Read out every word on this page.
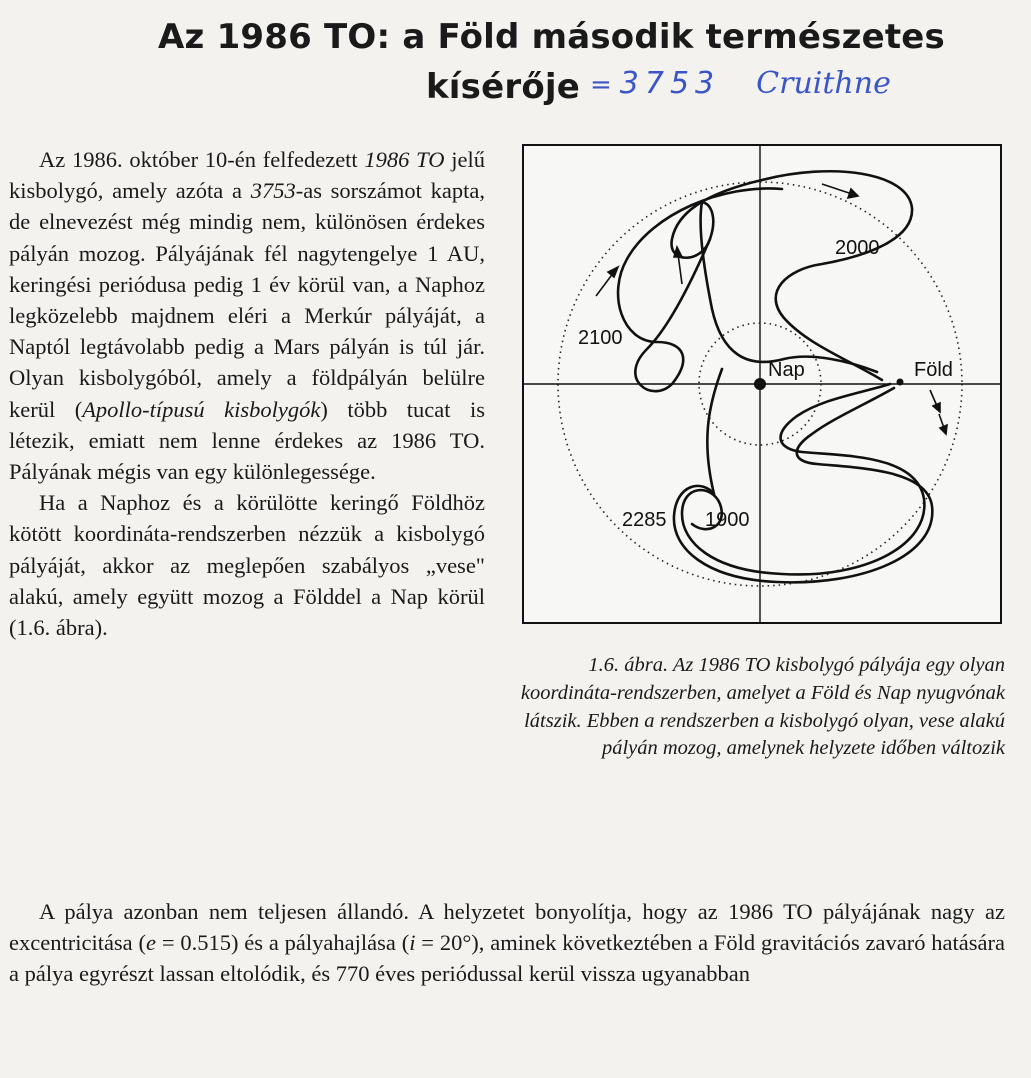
Az 1986 TO: a Föld második természetes
kísérője = 3753 Cruithne

Az 1986. október 10-én felfedezett 1986 TO jelű kisbolygó, amely azóta a 3753-as sorszámot kapta, de elnevezést még mindig nem, különösen érdekes pályán mozog. Pályájának fél nagytengelye 1 AU, keringési periódusa pedig 1 év körül van, a Naphoz legközelebb majdnem eléri a Merkúr pályáját, a Naptól legtávolabb pedig a Mars pályán is túl jár. Olyan kisbolygóból, amely a földpályán belülre kerül (Apollo-típusú kisbolygók) több tucat is létezik, emiatt nem lenne érdekes az 1986 TO. Pályának mégis van egy különlegessége.

Ha a Naphoz és a körülötte keringő Földhöz kötött koordináta-rendszerben nézzük a kisbolygó pályáját, akkor az meglepően szabályos „vese" alakú, amely együtt mozog a Földdel a Nap körül (1.6. ábra).

2000
2100
Nap	Föld
2285 1900
1.6. ábra. Az 1986 TO kisbolygó pályája egy olyan koordináta-rendszerben, amelyet a Föld és Nap nyugvónak látszik. Ebben a rendszerben a kisbolygó olyan, vese alakú pályán mozog, amelynek helyzete időben változik

A pálya azonban nem teljesen állandó. A helyzetet bonyolítja, hogy az 1986 TO pályájának nagy az excentricitása (e = 0.515) és a pályahajlása (i = 20°), aminek következtében a Föld gravitációs zavaró hatására a pálya egyrészt lassan eltolódik, és 770 éves periódussal kerül vissza ugyanabban
